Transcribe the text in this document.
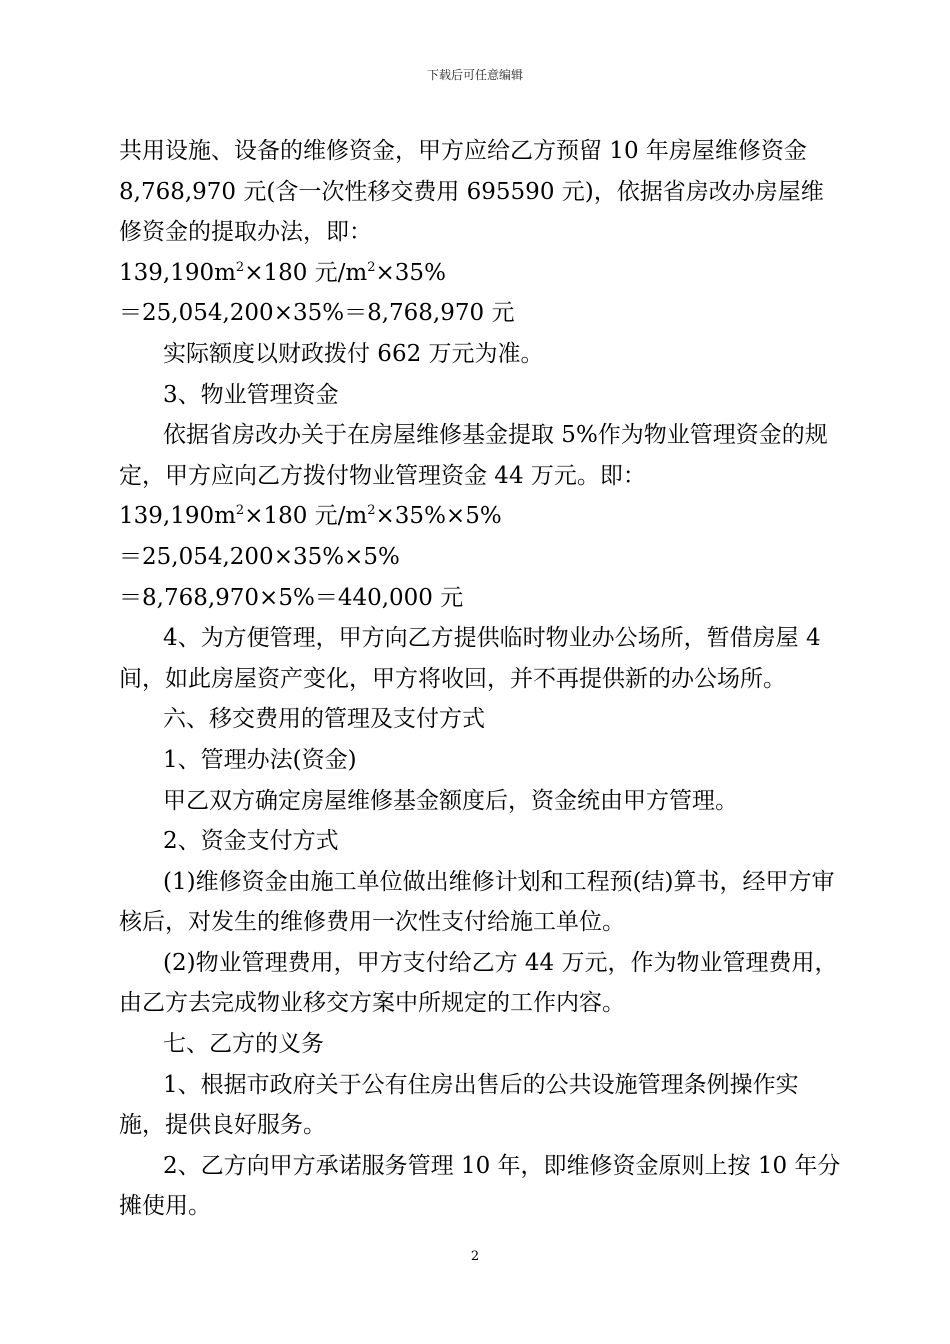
下载后可任意编辑

共用设施、设备的维修资金，甲方应给乙方预留 10 年房屋维修资金 8,768,970 元(含一次性移交费用 695590 元)，依据省房改办房屋维修资金的提取办法，即：

$139,190m^2\times 180$ 元$/m^2\times 35\%$

＝25,054,200×35%＝8,768,970 元

实际额度以财政拨付 662 万元为准。

3、物业管理资金

依据省房改办关于在房屋维修基金提取 5%作为物业管理资金的规定，甲方应向乙方拨付物业管理资金 44 万元。即：

$139,190m^2\times 180$ 元$/m^2\times 35\%\times 5\%$

＝25,054,200×35%×5%

＝8,768,970×5%＝440,000 元

4、为方便管理，甲方向乙方提供临时物业办公场所，暂借房屋 4 间，如此房屋资产变化，甲方将收回，并不再提供新的办公场所。

六、移交费用的管理及支付方式

1、管理办法(资金)

甲乙双方确定房屋维修基金额度后，资金统由甲方管理。

2、资金支付方式

(1)维修资金由施工单位做出维修计划和工程预(结)算书，经甲方审核后，对发生的维修费用一次性支付给施工单位。

(2)物业管理费用，甲方支付给乙方 44 万元，作为物业管理费用，由乙方去完成物业移交方案中所规定的工作内容。

七、乙方的义务

1、根据市政府关于公有住房出售后的公共设施管理条例操作实施，提供良好服务。

2、乙方向甲方承诺服务管理 10 年，即维修资金原则上按 10 年分摊使用。

2
